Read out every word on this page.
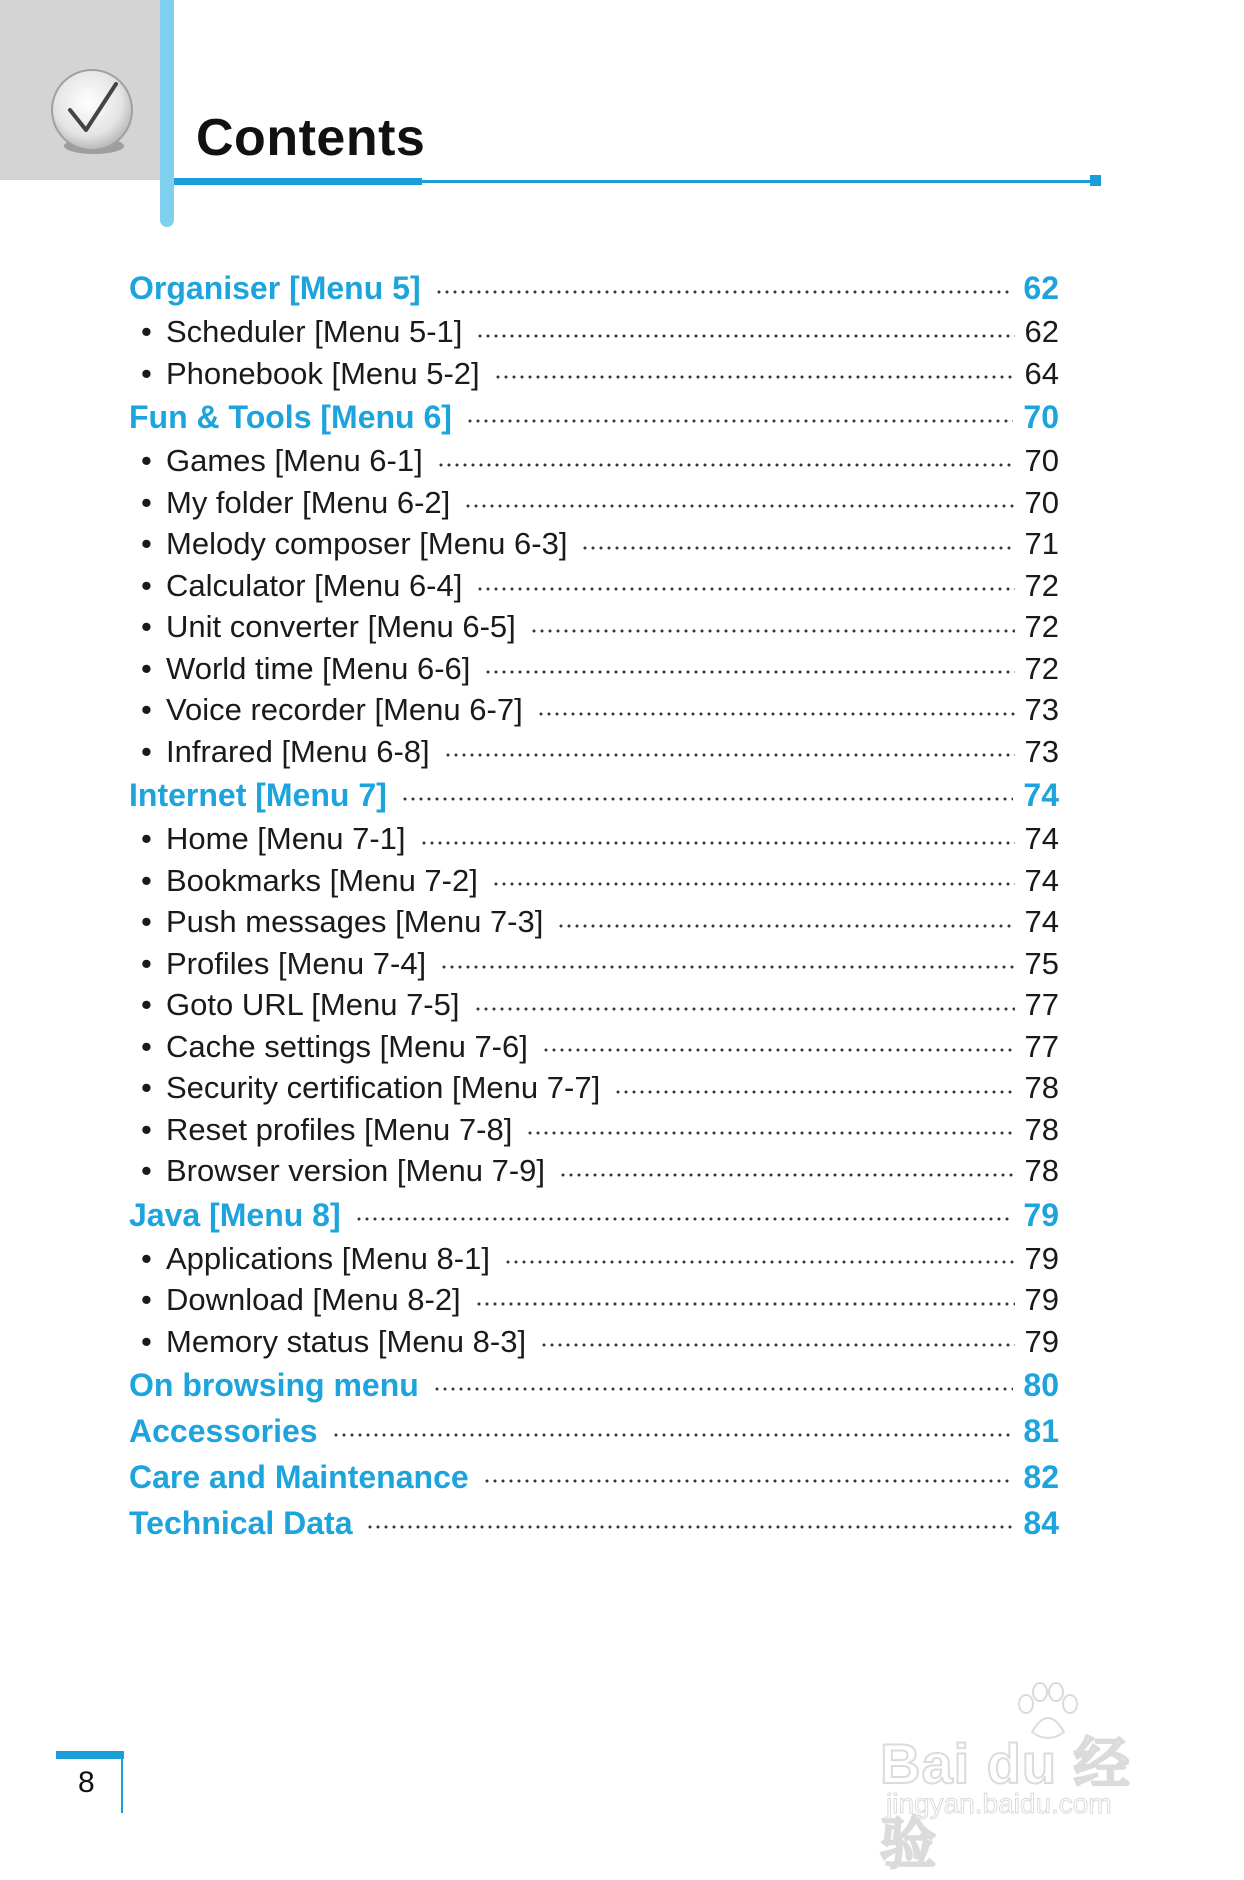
Contents
Organiser [Menu 5]	62
• Scheduler [Menu 5-1]	62
• Phonebook [Menu 5-2]	64
Fun & Tools [Menu 6]	70
• Games [Menu 6-1]	70
• My folder [Menu 6-2]	70
• Melody composer [Menu 6-3]	71
• Calculator [Menu 6-4]	72
• Unit converter [Menu 6-5]	72
• World time [Menu 6-6]	72
• Voice recorder [Menu 6-7]	73
• Infrared [Menu 6-8]	73
Internet [Menu 7]	74
• Home [Menu 7-1]	74
• Bookmarks [Menu 7-2]	74
• Push messages [Menu 7-3]	74
• Profiles [Menu 7-4]	75
• Goto URL [Menu 7-5]	77
• Cache settings [Menu 7-6]	77
• Security certification [Menu 7-7]	78
• Reset profiles [Menu 7-8]	78
• Browser version [Menu 7-9]	78
Java [Menu 8]	79
• Applications [Menu 8-1]	79
• Download [Menu 8-2]	79
• Memory status [Menu 8-3]	79
On browsing menu	80
Accessories	81
Care and Maintenance	82
Technical Data	84
8	Bai du 经验
jingyan.baidu.com
